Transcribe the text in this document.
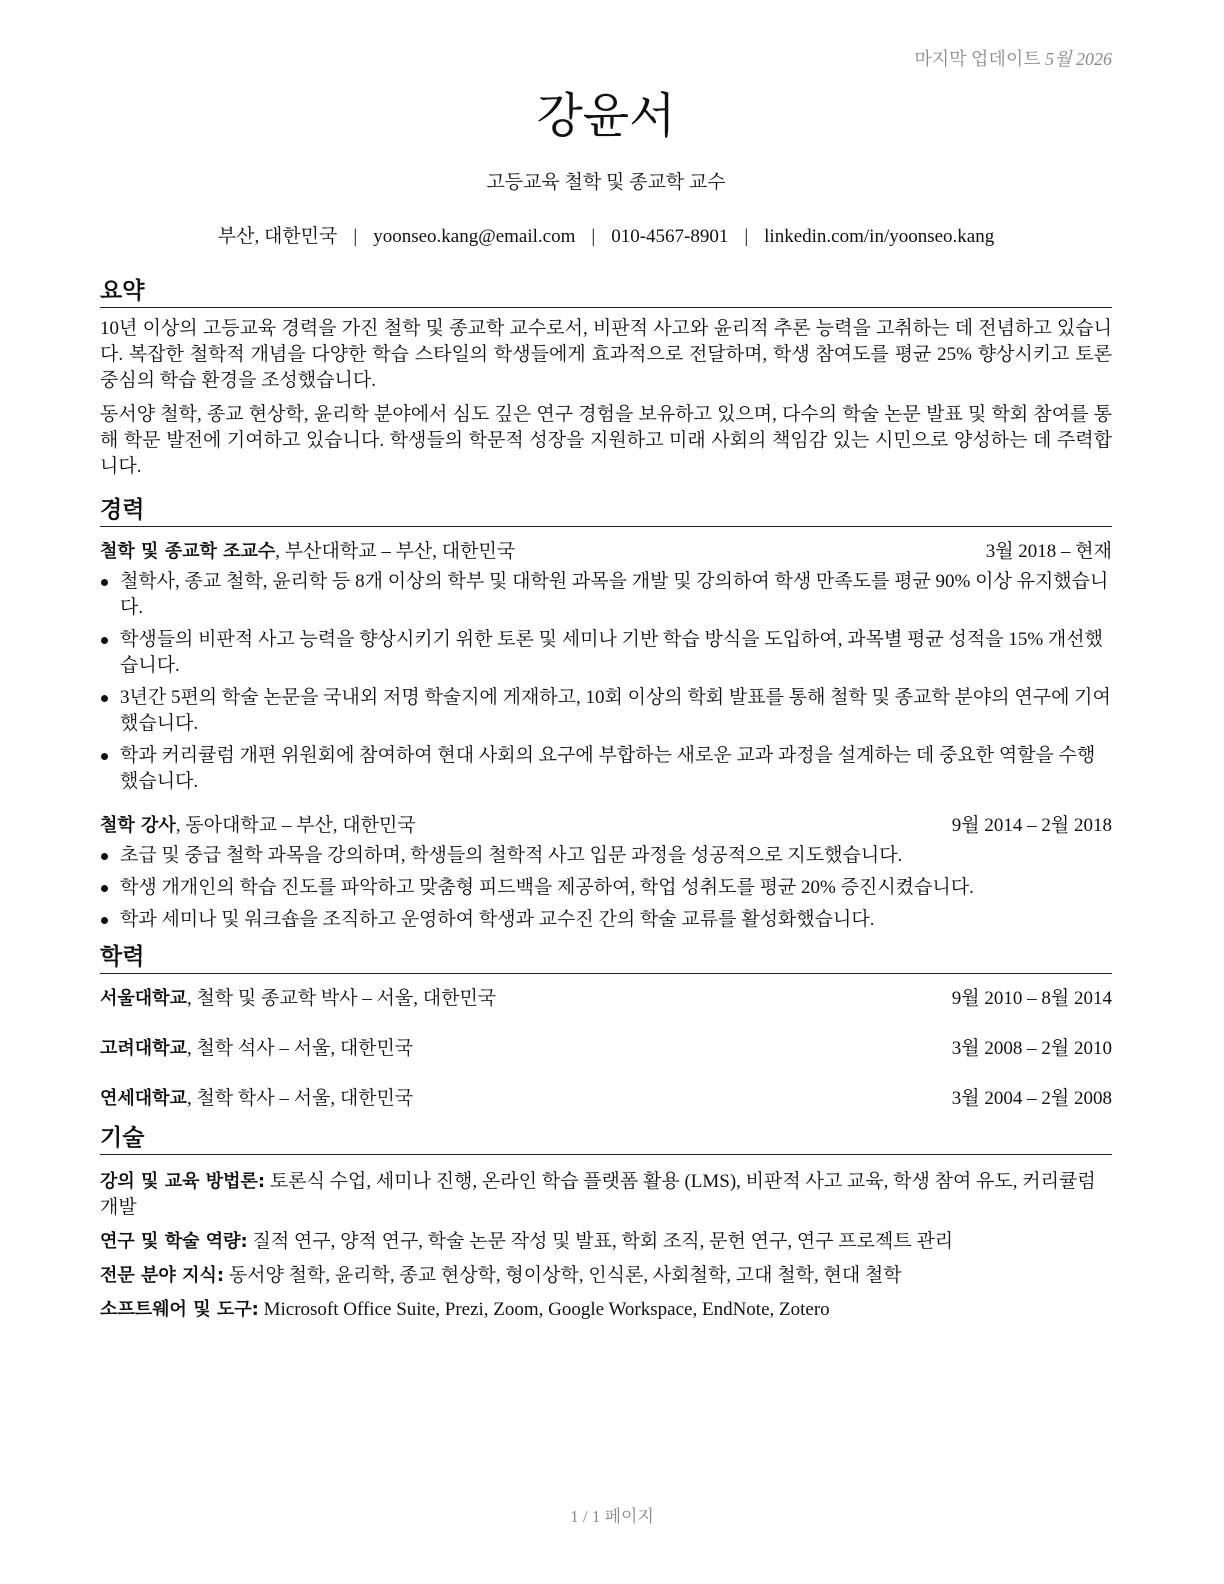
마지막 업데이트 5월 2026
강윤서
고등교육 철학 및 종교학 교수
부산, 대한민국 | yoonseo.kang@email.com | 010-4567-8901 | linkedin.com/in/yoonseo.kang
요약

10년 이상의 고등교육 경력을 가진 철학 및 종교학 교수로서, 비판적 사고와 윤리적 추론 능력을 고취하는 데 전념하고 있습니다. 복잡한 철학적 개념을 다양한 학습 스타일의 학생들에게 효과적으로 전달하며, 학생 참여도를 평균 25% 향상시키고 토론 중심의 학습 환경을 조성했습니다.

동서양 철학, 종교 현상학, 윤리학 분야에서 심도 깊은 연구 경험을 보유하고 있으며, 다수의 학술 논문 발표 및 학회 참여를 통해 학문 발전에 기여하고 있습니다. 학생들의 학문적 성장을 지원하고 미래 사회의 책임감 있는 시민으로 양성하는 데 주력합니다.

경력
철학 및 종교학 조교수, 부산대학교 – 부산, 대한민국	3월 2018 – 현재
철학사, 종교 철학, 윤리학 등 8개 이상의 학부 및 대학원 과목을 개발 및 강의하여 학생 만족도를 평균 90% 이상 유지했습니다.
학생들의 비판적 사고 능력을 향상시키기 위한 토론 및 세미나 기반 학습 방식을 도입하여, 과목별 평균 성적을 15% 개선했습니다.
3년간 5편의 학술 논문을 국내외 저명 학술지에 게재하고, 10회 이상의 학회 발표를 통해 철학 및 종교학 분야의 연구에 기여했습니다.
학과 커리큘럼 개편 위원회에 참여하여 현대 사회의 요구에 부합하는 새로운 교과 과정을 설계하는 데 중요한 역할을 수행했습니다.
철학 강사, 동아대학교 – 부산, 대한민국	9월 2014 – 2월 2018
초급 및 중급 철학 과목을 강의하며, 학생들의 철학적 사고 입문 과정을 성공적으로 지도했습니다.
학생 개개인의 학습 진도를 파악하고 맞춤형 피드백을 제공하여, 학업 성취도를 평균 20% 증진시켰습니다.
학과 세미나 및 워크숍을 조직하고 운영하여 학생과 교수진 간의 학술 교류를 활성화했습니다.
학력
서울대학교, 철학 및 종교학 박사 – 서울, 대한민국	9월 2010 – 8월 2014
고려대학교, 철학 석사 – 서울, 대한민국	3월 2008 – 2월 2010
연세대학교, 철학 학사 – 서울, 대한민국	3월 2004 – 2월 2008
기술
강의 및 교육 방법론: 토론식 수업, 세미나 진행, 온라인 학습 플랫폼 활용 (LMS), 비판적 사고 교육, 학생 참여 유도, 커리큘럼 개발
연구 및 학술 역량: 질적 연구, 양적 연구, 학술 논문 작성 및 발표, 학회 조직, 문헌 연구, 연구 프로젝트 관리
전문 분야 지식: 동서양 철학, 윤리학, 종교 현상학, 형이상학, 인식론, 사회철학, 고대 철학, 현대 철학
소프트웨어 및 도구: Microsoft Office Suite, Prezi, Zoom, Google Workspace, EndNote, Zotero
1 / 1 페이지
